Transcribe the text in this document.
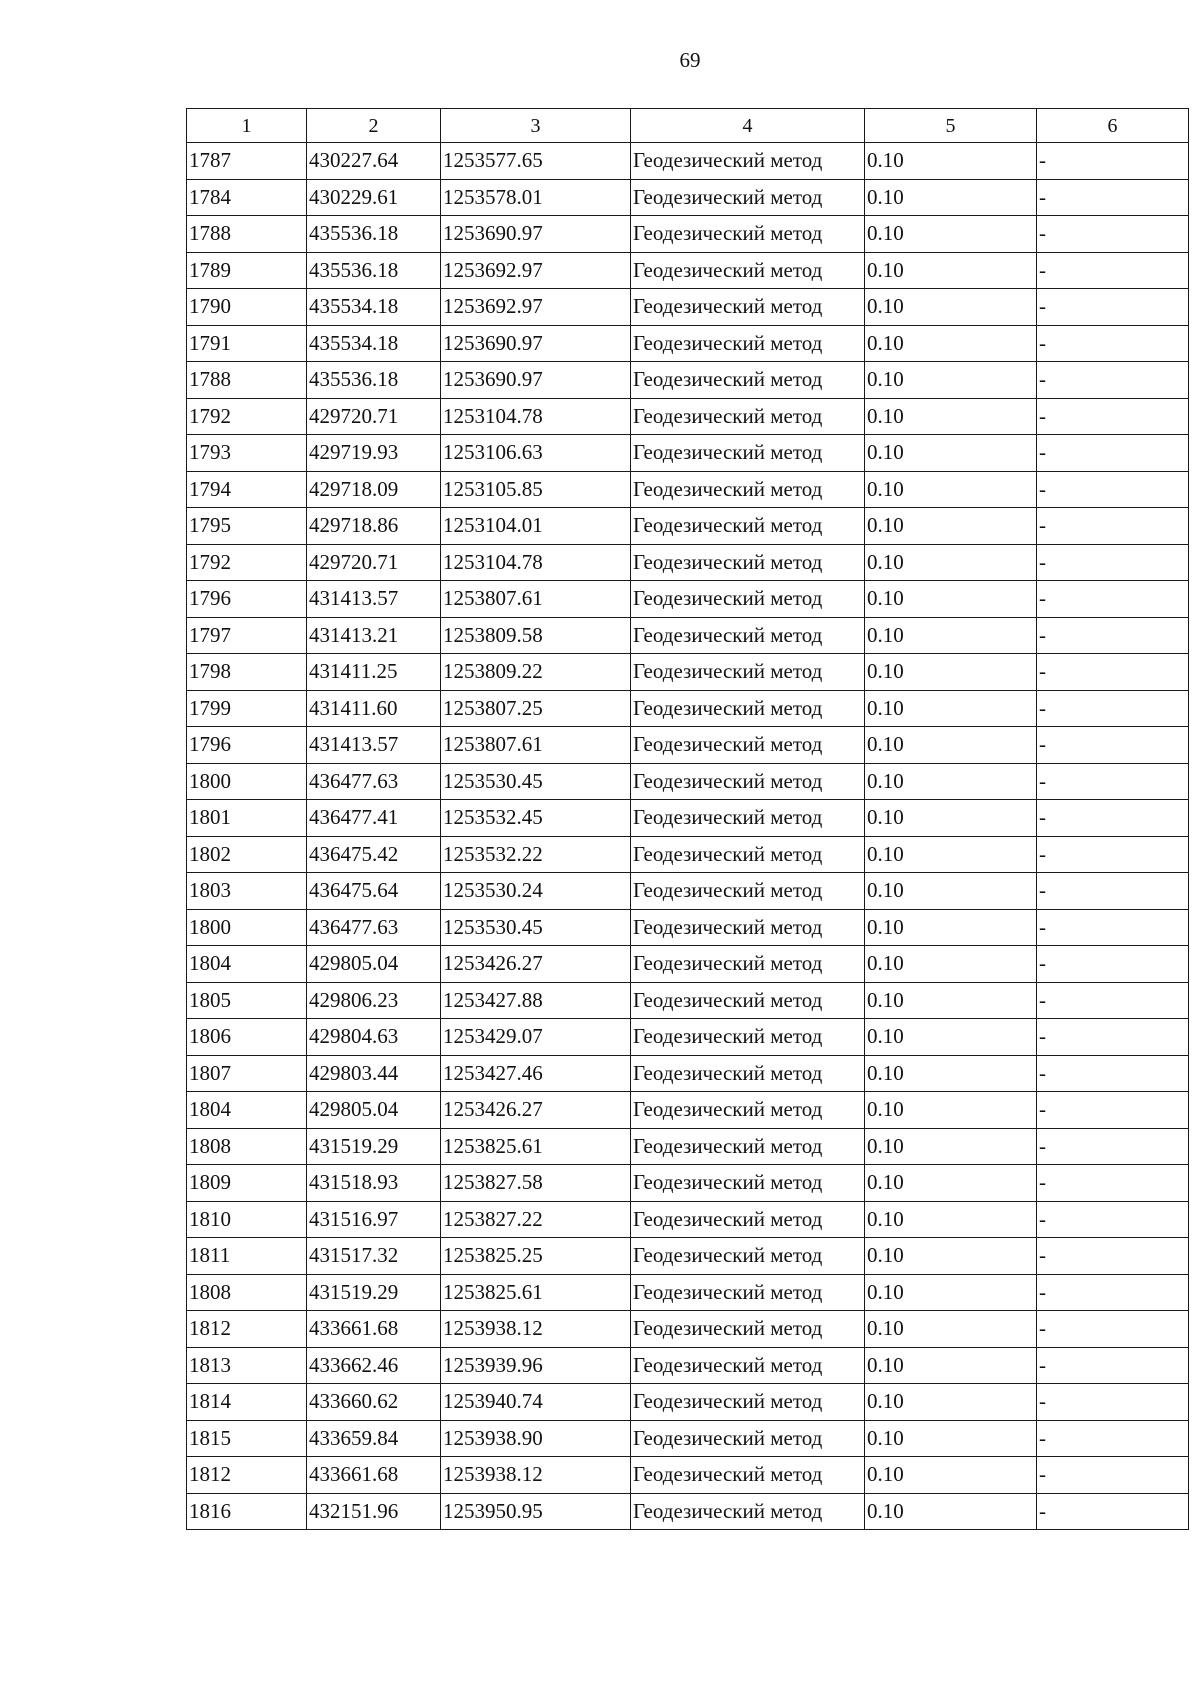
69
1	2	3	4	5	6
1787	430227.64	1253577.65	Геодезический метод	0.10	-
1784	430229.61	1253578.01	Геодезический метод	0.10	-
1788	435536.18	1253690.97	Геодезический метод	0.10	-
1789	435536.18	1253692.97	Геодезический метод	0.10	-
1790	435534.18	1253692.97	Геодезический метод	0.10	-
1791	435534.18	1253690.97	Геодезический метод	0.10	-
1788	435536.18	1253690.97	Геодезический метод	0.10	-
1792	429720.71	1253104.78	Геодезический метод	0.10	-
1793	429719.93	1253106.63	Геодезический метод	0.10	-
1794	429718.09	1253105.85	Геодезический метод	0.10	-
1795	429718.86	1253104.01	Геодезический метод	0.10	-
1792	429720.71	1253104.78	Геодезический метод	0.10	-
1796	431413.57	1253807.61	Геодезический метод	0.10	-
1797	431413.21	1253809.58	Геодезический метод	0.10	-
1798	431411.25	1253809.22	Геодезический метод	0.10	-
1799	431411.60	1253807.25	Геодезический метод	0.10	-
1796	431413.57	1253807.61	Геодезический метод	0.10	-
1800	436477.63	1253530.45	Геодезический метод	0.10	-
1801	436477.41	1253532.45	Геодезический метод	0.10	-
1802	436475.42	1253532.22	Геодезический метод	0.10	-
1803	436475.64	1253530.24	Геодезический метод	0.10	-
1800	436477.63	1253530.45	Геодезический метод	0.10	-
1804	429805.04	1253426.27	Геодезический метод	0.10	-
1805	429806.23	1253427.88	Геодезический метод	0.10	-
1806	429804.63	1253429.07	Геодезический метод	0.10	-
1807	429803.44	1253427.46	Геодезический метод	0.10	-
1804	429805.04	1253426.27	Геодезический метод	0.10	-
1808	431519.29	1253825.61	Геодезический метод	0.10	-
1809	431518.93	1253827.58	Геодезический метод	0.10	-
1810	431516.97	1253827.22	Геодезический метод	0.10	-
1811	431517.32	1253825.25	Геодезический метод	0.10	-
1808	431519.29	1253825.61	Геодезический метод	0.10	-
1812	433661.68	1253938.12	Геодезический метод	0.10	-
1813	433662.46	1253939.96	Геодезический метод	0.10	-
1814	433660.62	1253940.74	Геодезический метод	0.10	-
1815	433659.84	1253938.90	Геодезический метод	0.10	-
1812	433661.68	1253938.12	Геодезический метод	0.10	-
1816	432151.96	1253950.95	Геодезический метод	0.10	-
